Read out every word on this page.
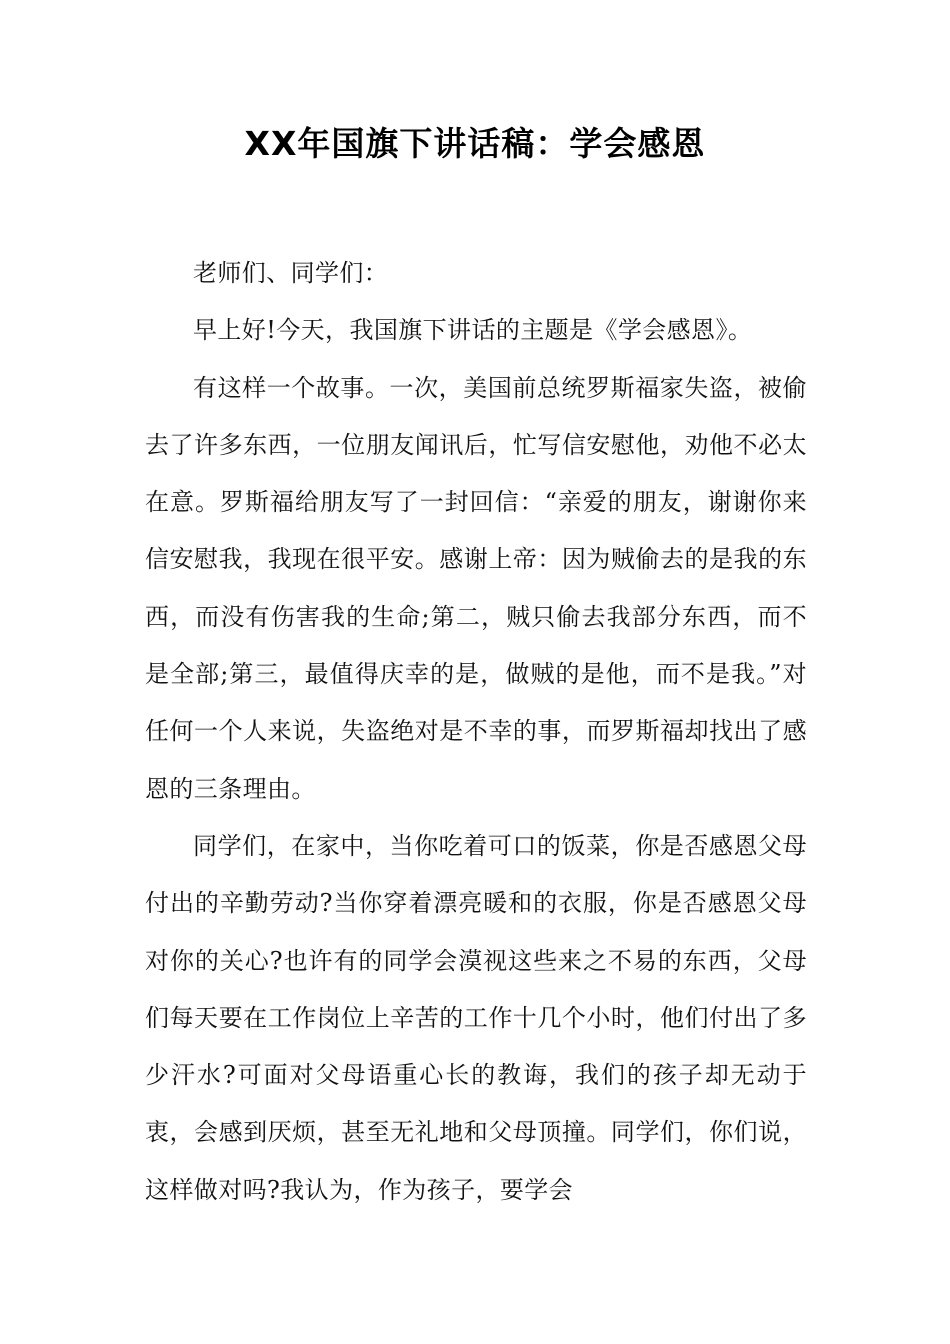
XX年国旗下讲话稿：学会感恩

老师们、同学们：

早上好!今天，我国旗下讲话的主题是《学会感恩》。

有这样一个故事。一次，美国前总统罗斯福家失盗，被偷去了许多东西，一位朋友闻讯后，忙写信安慰他，劝他不必太在意。罗斯福给朋友写了一封回信：“亲爱的朋友，谢谢你来信安慰我，我现在很平安。感谢上帝：因为贼偷去的是我的东西，而没有伤害我的生命;第二，贼只偷去我部分东西，而不是全部;第三，最值得庆幸的是，做贼的是他，而不是我。”对任何一个人来说，失盗绝对是不幸的事，而罗斯福却找出了感恩的三条理由。

同学们，在家中，当你吃着可口的饭菜，你是否感恩父母付出的辛勤劳动?当你穿着漂亮暖和的衣服，你是否感恩父母对你的关心?也许有的同学会漠视这些来之不易的东西，父母们每天要在工作岗位上辛苦的工作十几个小时，他们付出了多少汗水?可面对父母语重心长的教诲，我们的孩子却无动于衷，会感到厌烦，甚至无礼地和父母顶撞。同学们，你们说，这样做对吗?我认为，作为孩子，要学会
